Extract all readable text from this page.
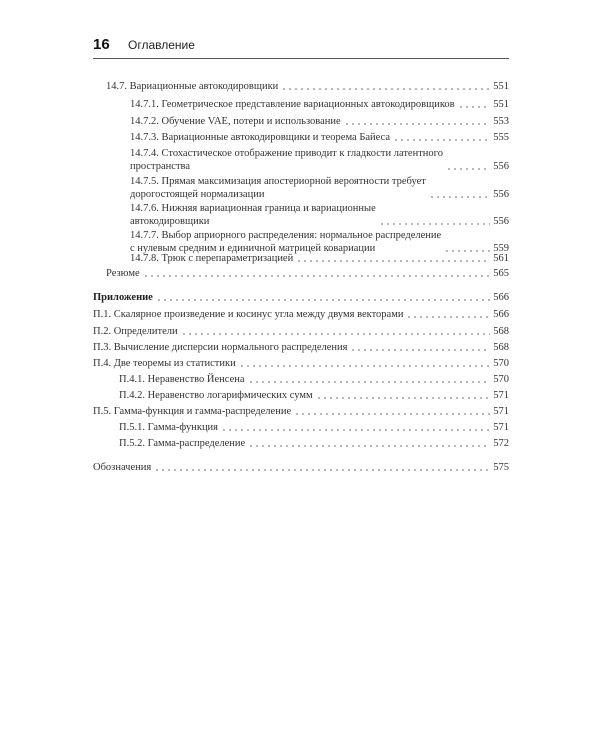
16 Оглавление
14.7. Вариационные автокодировщики	551
14.7.1. Геометрическое представление вариационных автокодировщиков	551
14.7.2. Обучение VAE, потери и использование	553
14.7.3. Вариационные автокодировщики и теорема Байеса	555
14.7.4. Стохастическое отображение приводит к гладкости латентного
пространства	556
14.7.5. Прямая максимизация апостериорной вероятности требует
дорогостоящей нормализации	556
14.7.6. Нижняя вариационная граница и вариационные
автокодировщики	556
14.7.7. Выбор априорного распределения: нормальное распределение
с нулевым средним и единичной матрицей ковариации	559
14.7.8. Трюк с перепараметризацией	561
Резюме	565
Приложение	566
П.1. Скалярное произведение и косинус угла между двумя векторами	566
П.2. Определители	568
П.3. Вычисление дисперсии нормального распределения	568
П.4. Две теоремы из статистики	570
П.4.1. Неравенство Йенсена	570
П.4.2. Неравенство логарифмических сумм	571
П.5. Гамма-функция и гамма-распределение	571
П.5.1. Гамма-функция	571
П.5.2. Гамма-распределение	572
Обозначения	575
